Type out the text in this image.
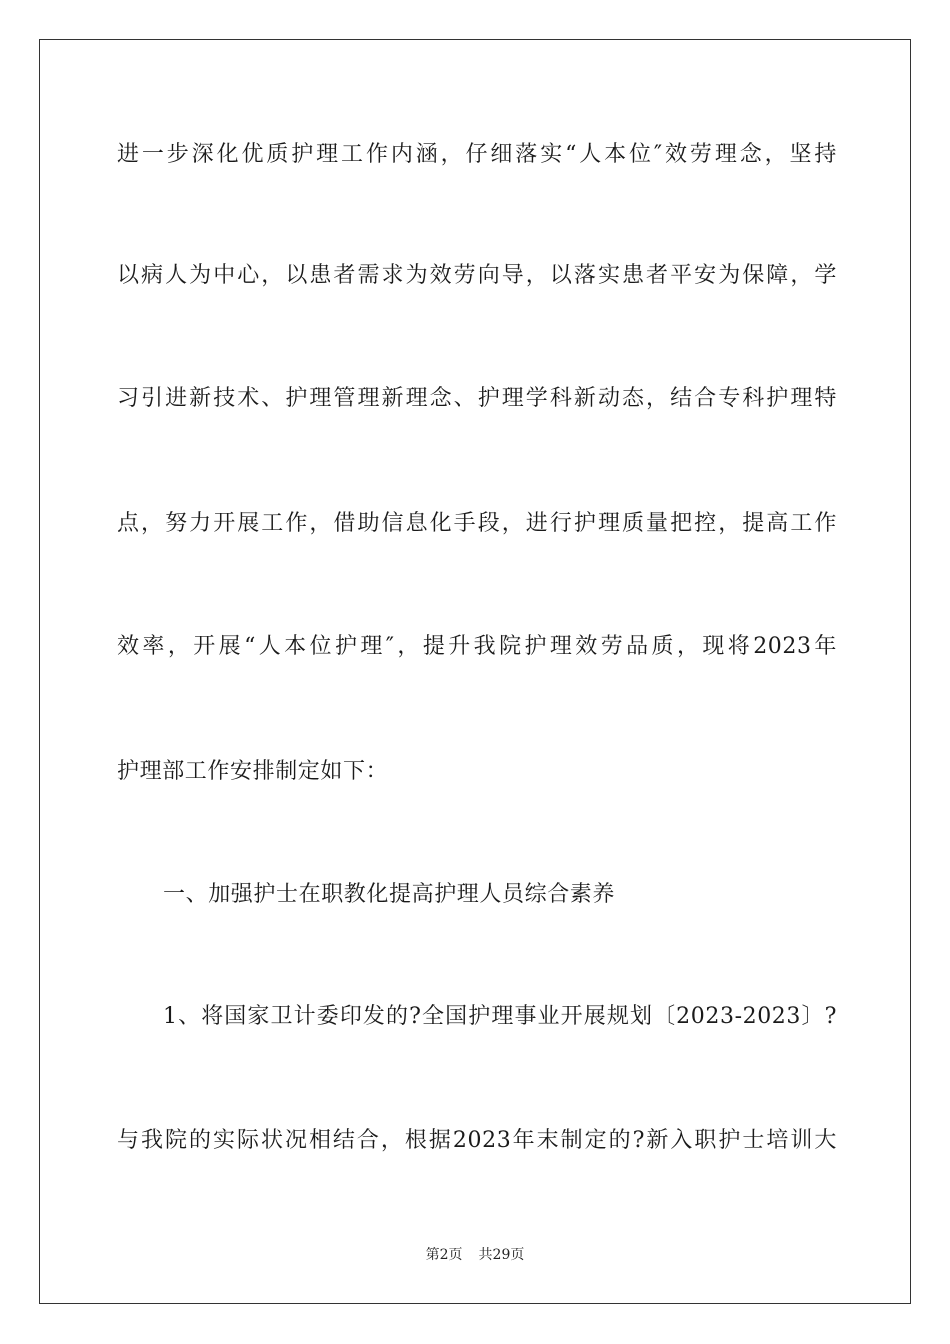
进一步深化优质护理工作内涵，仔细落实“人本位″效劳理念，坚持
以病人为中心，以患者需求为效劳向导，以落实患者平安为保障，学
习引进新技术、护理管理新理念、护理学科新动态，结合专科护理特
点，努力开展工作，借助信息化手段，进行护理质量把控，提高工作
效率，开展“人本位护理″，提升我院护理效劳品质，现将2023年
护理部工作安排制定如下：
一、加强护士在职教化提高护理人员综合素养
1、将国家卫计委印发的?全国护理事业开展规划〔2023-2023〕?
与我院的实际状况相结合，根据2023年末制定的?新入职护士培训大
第2页 共29页
